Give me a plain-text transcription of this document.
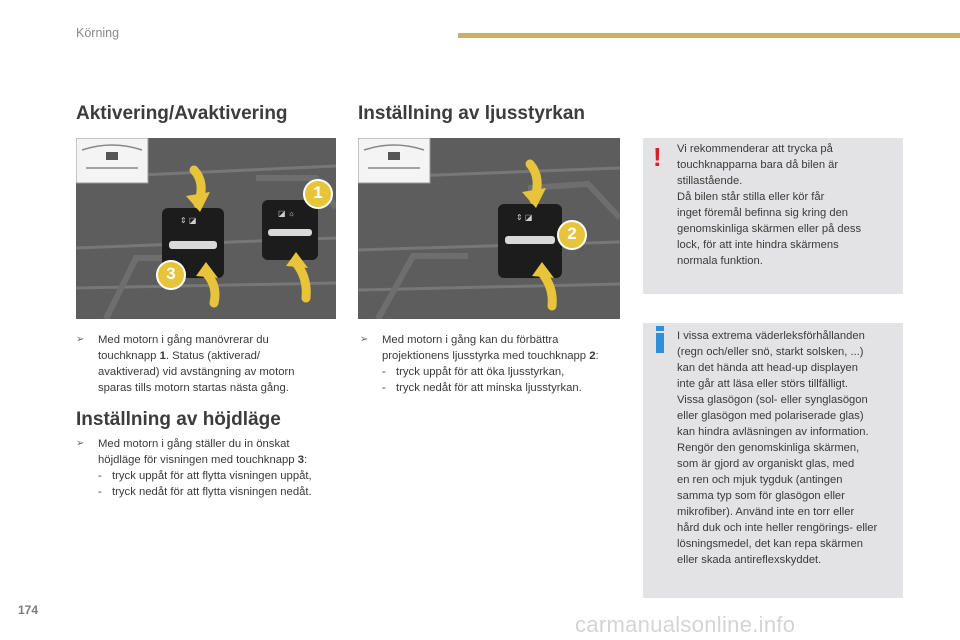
Körning
Aktivering/Avaktivering
⇕ ◪
◪ ☼
1
3
➢ Med motorn i gång manövrerar du
touchknapp 1. Status (aktiverad/
avaktiverad) vid avstängning av motorn
sparas tills motorn startas nästa gång.
Inställning av höjdläge
➢ Med motorn i gång ställer du in önskat
höjdläge för visningen med touchknapp 3:
- tryck uppåt för att flytta visningen uppåt,
- tryck nedåt för att flytta visningen nedåt.
Inställning av ljusstyrkan
⇕ ◪
2
➢ Med motorn i gång kan du förbättra
projektionens ljusstyrka med touchknapp 2:
- tryck uppåt för att öka ljusstyrkan,
- tryck nedåt för att minska ljusstyrkan.
! Vi rekommenderar att trycka på

touchknapparna bara då bilen är

stillastående.

Då bilen står stilla eller kör får

inget föremål befinna sig kring den

genomskinliga skärmen eller på dess

lock, för att inte hindra skärmens

normala funktion.

I vissa extrema väderleksförhållanden

(regn och/eller snö, starkt solsken, ...)

kan det hända att head-up displayen

inte går att läsa eller störs tillfälligt.

Vissa glasögon (sol- eller synglasögon

eller glasögon med polariserade glas)

kan hindra avläsningen av information.

Rengör den genomskinliga skärmen,

som är gjord av organiskt glas, med

en ren och mjuk tygduk (antingen

samma typ som för glasögon eller

mikrofiber). Använd inte en torr eller

hård duk och inte heller rengörings- eller

lösningsmedel, det kan repa skärmen

eller skada antireflexskyddet.

174
carmanualsonline.info
